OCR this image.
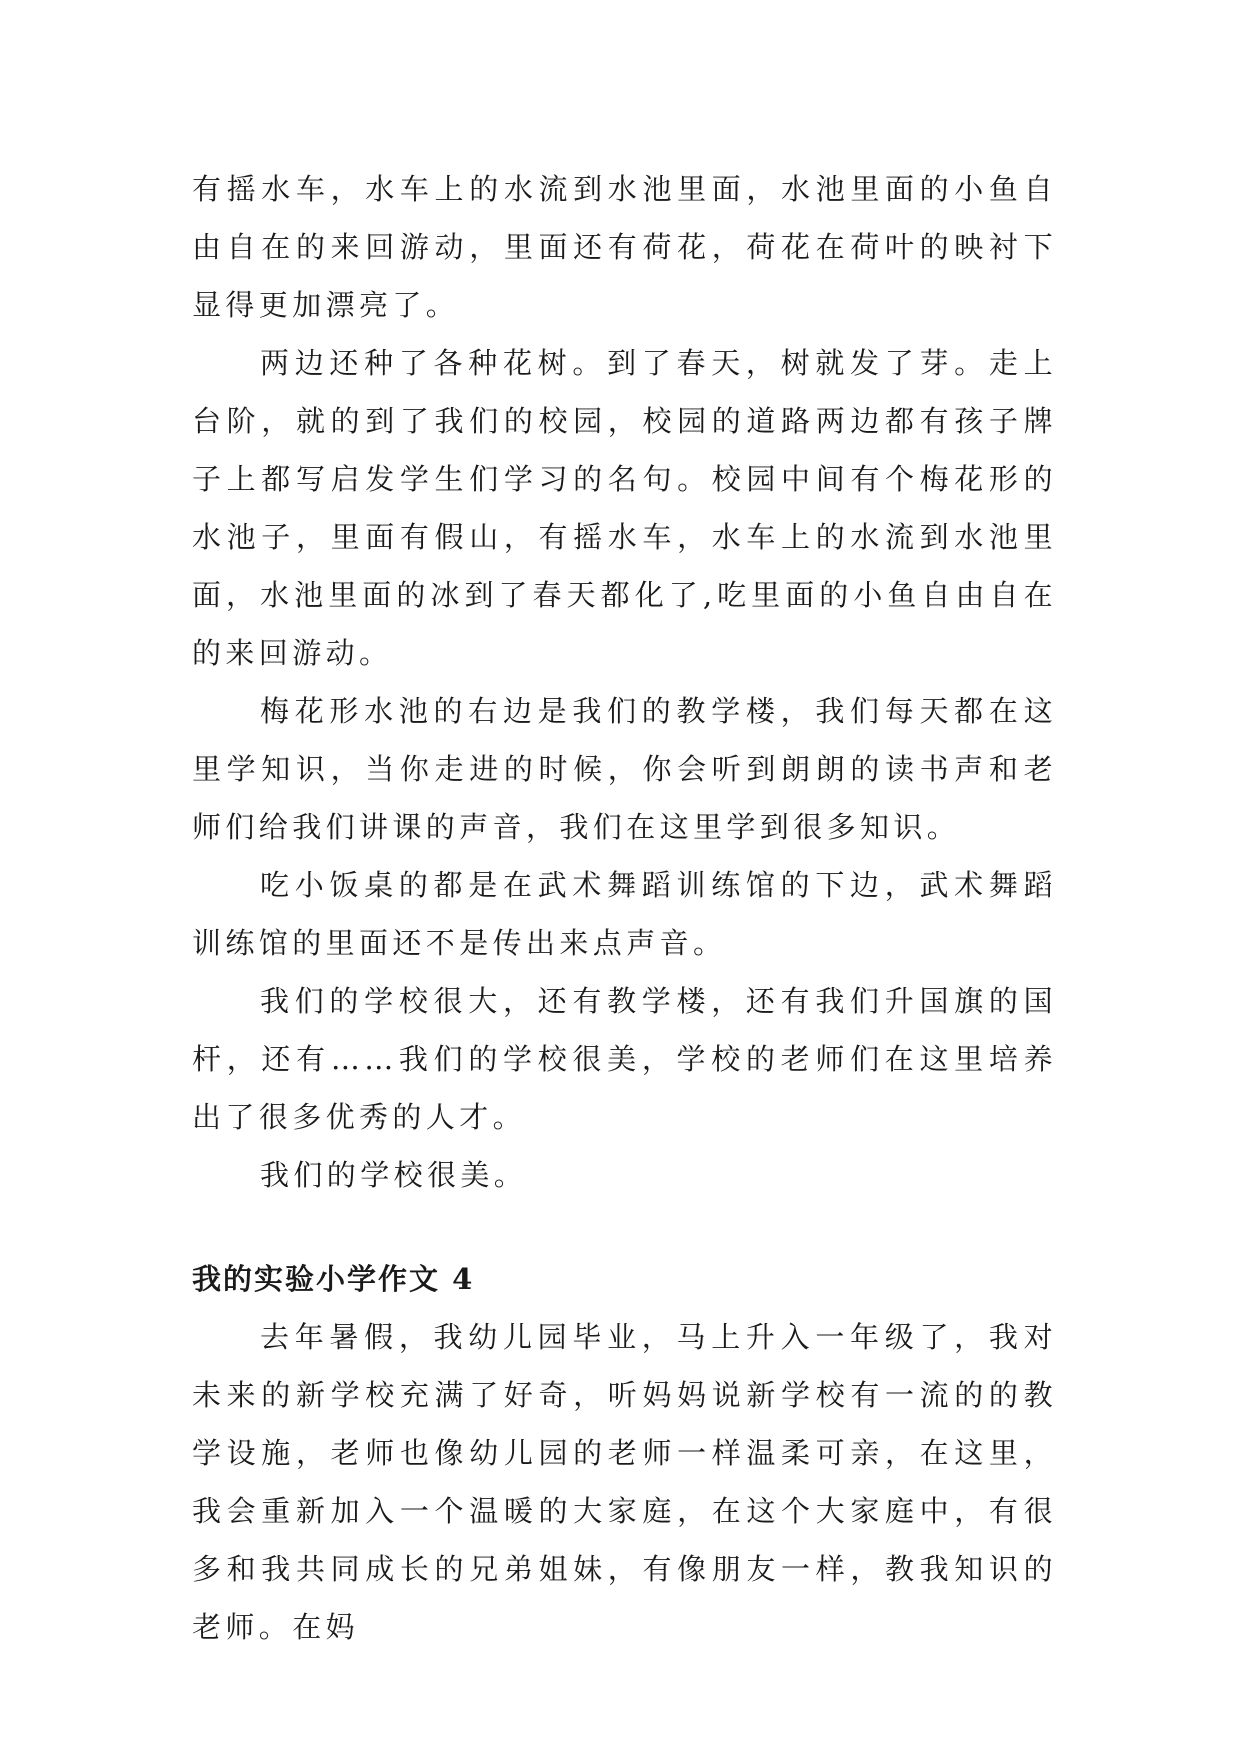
有摇水车，水车上的水流到水池里面，水池里面的小鱼自由自在的来回游动，里面还有荷花，荷花在荷叶的映衬下显得更加漂亮了。

两边还种了各种花树。到了春天，树就发了芽。走上台阶，就的到了我们的校园，校园的道路两边都有孩子牌子上都写启发学生们学习的名句。校园中间有个梅花形的水池子，里面有假山，有摇水车，水车上的水流到水池里面，水池里面的冰到了春天都化了,吃里面的小鱼自由自在的来回游动。

梅花形水池的右边是我们的教学楼，我们每天都在这里学知识，当你走进的时候，你会听到朗朗的读书声和老师们给我们讲课的声音，我们在这里学到很多知识。

吃小饭桌的都是在武术舞蹈训练馆的下边，武术舞蹈训练馆的里面还不是传出来点声音。

我们的学校很大，还有教学楼，还有我们升国旗的国杆，还有……我们的学校很美，学校的老师们在这里培养出了很多优秀的人才。

我们的学校很美。

我的实验小学作文 4

去年暑假，我幼儿园毕业，马上升入一年级了，我对未来的新学校充满了好奇，听妈妈说新学校有一流的的教学设施，老师也像幼儿园的老师一样温柔可亲，在这里，我会重新加入一个温暖的大家庭，在这个大家庭中，有很多和我共同成长的兄弟姐妹，有像朋友一样，教我知识的老师。在妈
